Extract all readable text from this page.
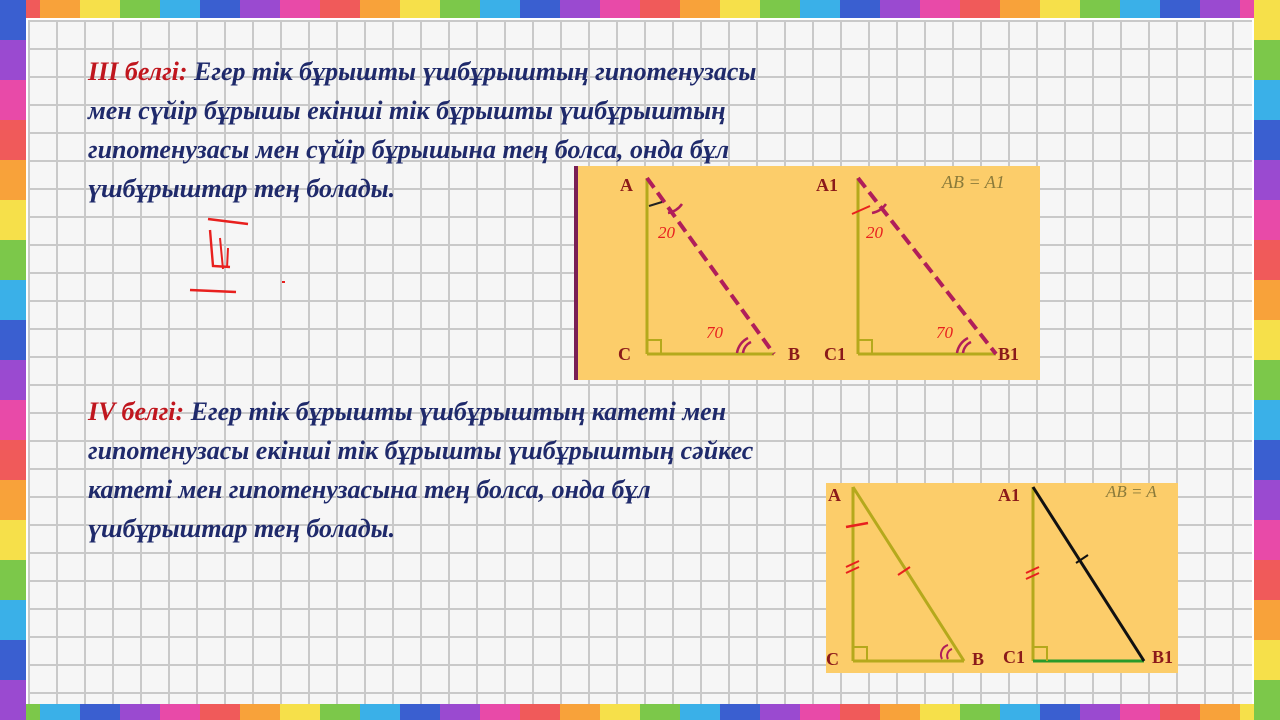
III белгі: Егер тік бұрышты үшбұрыштың гипотенузасы
мен сүйір бұрышы екінші тік бұрышты үшбұрыштың
гипотенузасы мен сүйір бұрышына тең болса, онда бұл
үшбұрыштар тең болады.	A
C	B
20
70
A1
C1	B1
20
70
AB = A1

IV белгі: Егер тік бұрышты үшбұрыштың катеті мен
гипотенузасы екінші тік бұрышты үшбұрыштың сәйкес
катеті мен гипотенузасына тең болса, онда бұл
үшбұрыштар тең болады.

A
C	B
A1
C1	B1
AB = A
